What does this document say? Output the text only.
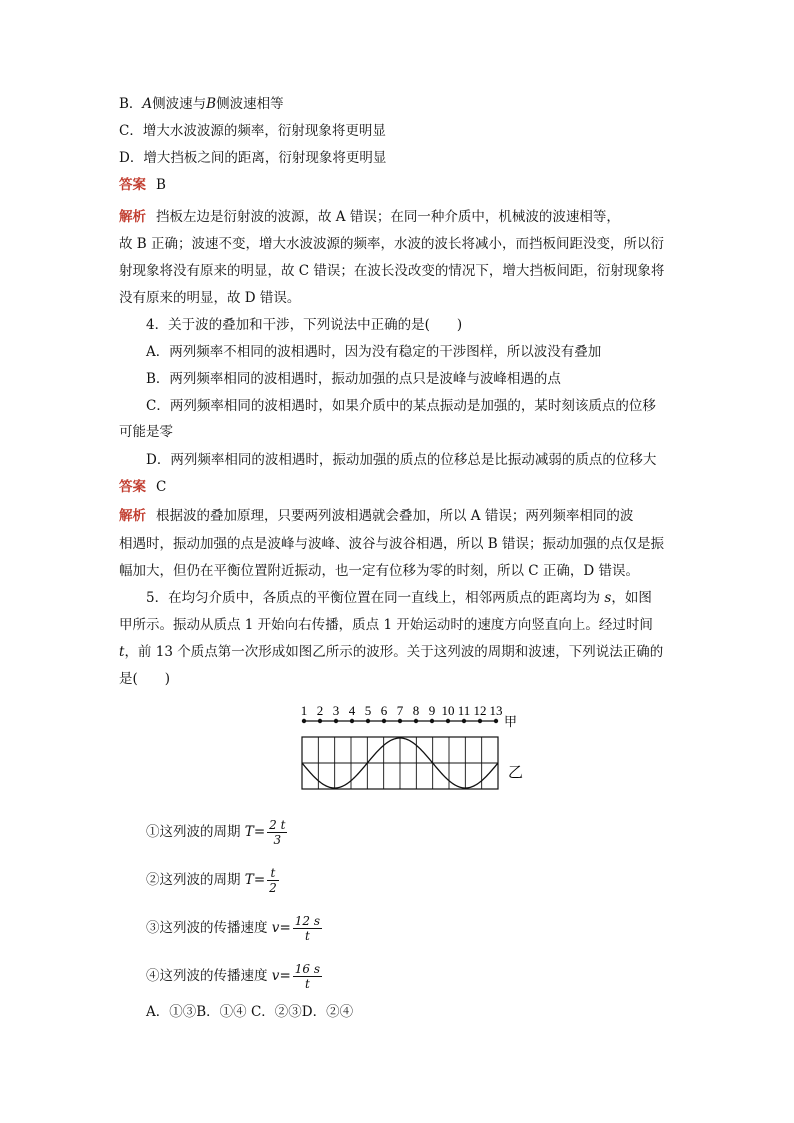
B．A侧波速与B侧波速相等
C．增大水波波源的频率，衍射现象将更明显
D．增大挡板之间的距离，衍射现象将更明显
答案 B
解析 挡板左边是衍射波的波源，故 A 错误；在同一种介质中，机械波的波速相等，
故 B 正确；波速不变，增大水波波源的频率，水波的波长将减小，而挡板间距没变，所以衍
射现象将没有原来的明显，故 C 错误；在波长没改变的情况下，增大挡板间距，衍射现象将
没有原来的明显，故 D 错误。
4．关于波的叠加和干涉，下列说法中正确的是(　　)
A．两列频率不相同的波相遇时，因为没有稳定的干涉图样，所以波没有叠加
B．两列频率相同的波相遇时，振动加强的点只是波峰与波峰相遇的点
C．两列频率相同的波相遇时，如果介质中的某点振动是加强的，某时刻该质点的位移
可能是零
D．两列频率相同的波相遇时，振动加强的质点的位移总是比振动减弱的质点的位移大
答案 C
解析 根据波的叠加原理，只要两列波相遇就会叠加，所以 A 错误；两列频率相同的波
相遇时，振动加强的点是波峰与波峰、波谷与波谷相遇，所以 B 错误；振动加强的点仅是振
幅加大，但仍在平衡位置附近振动，也一定有位移为零的时刻，所以 C 正确，D 错误。
5．在均匀介质中，各质点的平衡位置在同一直线上，相邻两质点的距离均为 s，如图
甲所示。振动从质点 1 开始向右传播，质点 1 开始运动时的速度方向竖直向上。经过时间
t，前 13 个质点第一次形成如图乙所示的波形。关于这列波的周期和波速，下列说法正确的
是(　　)
1 2 3 4 5 6 7 8 9 10 11 12 13
甲
乙
①这列波的周期 $T= \frac{2 t}{3}$
②这列波的周期 $T= \frac{t}{2}$
③这列波的传播速度 $v= \frac{12 s}{t}$
④这列波的传播速度 $v= \frac{16 s}{t}$
A．①③B．①④ C．②③D．②④
